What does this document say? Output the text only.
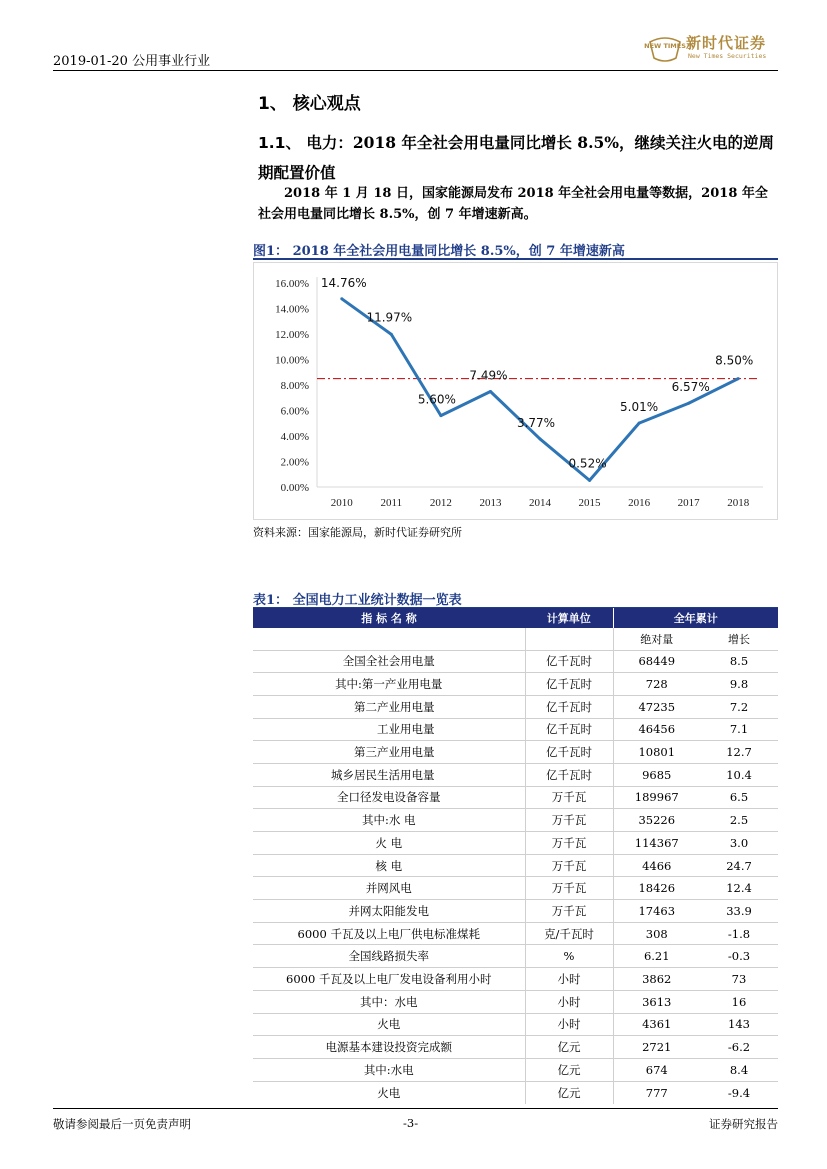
2019-01-20 公用事业行业
NEW TIMES 新时代证券
New Times Securities
1、 核心观点
1.1、 电力：2018 年全社会用电量同比增长 8.5%，继续关注火电的逆周期配置价值
2018 年 1 月 18 日，国家能源局发布 2018 年全社会用电量等数据，2018 年全社会用电量同比增长 8.5%，创 7 年增速新高。
图1： 2018 年全社会用电量同比增长 8.5%，创 7 年增速新高
0.00%
2.00%
4.00%
6.00%
8.00%
10.00%
12.00%
14.00%
16.00%
2010	2011	2012	2013	2014	2015	2016	2017	2018
14.76%
11.97%
5.60%
7.49%
3.77%
0.52%
5.01%
6.57%
8.50%
资料来源：国家能源局，新时代证券研究所
表1： 全国电力工业统计数据一览表
指 标 名 称	计算单位	全年累计	
		绝对量	增长
全国全社会用电量	亿千瓦时	68449	8.5
其中:第一产业用电量	亿千瓦时	728	9.8
第二产业用电量	亿千瓦时	47235	7.2
工业用电量	亿千瓦时	46456	7.1
第三产业用电量	亿千瓦时	10801	12.7
城乡居民生活用电量	亿千瓦时	9685	10.4
全口径发电设备容量	万千瓦	189967	6.5
其中:水 电	万千瓦	35226	2.5
火 电	万千瓦	114367	3.0
核 电	万千瓦	4466	24.7
并网风电	万千瓦	18426	12.4
并网太阳能发电	万千瓦	17463	33.9
6000 千瓦及以上电厂供电标准煤耗	克/千瓦时	308	-1.8
全国线路损失率	%	6.21	-0.3
6000 千瓦及以上电厂发电设备利用小时	小时	3862	73
其中：水电	小时	3613	16
火电	小时	4361	143
电源基本建设投资完成额	亿元	2721	-6.2
其中:水电	亿元	674	8.4
火电	亿元	777	-9.4
敬请参阅最后一页免责声明	-3-	证券研究报告
